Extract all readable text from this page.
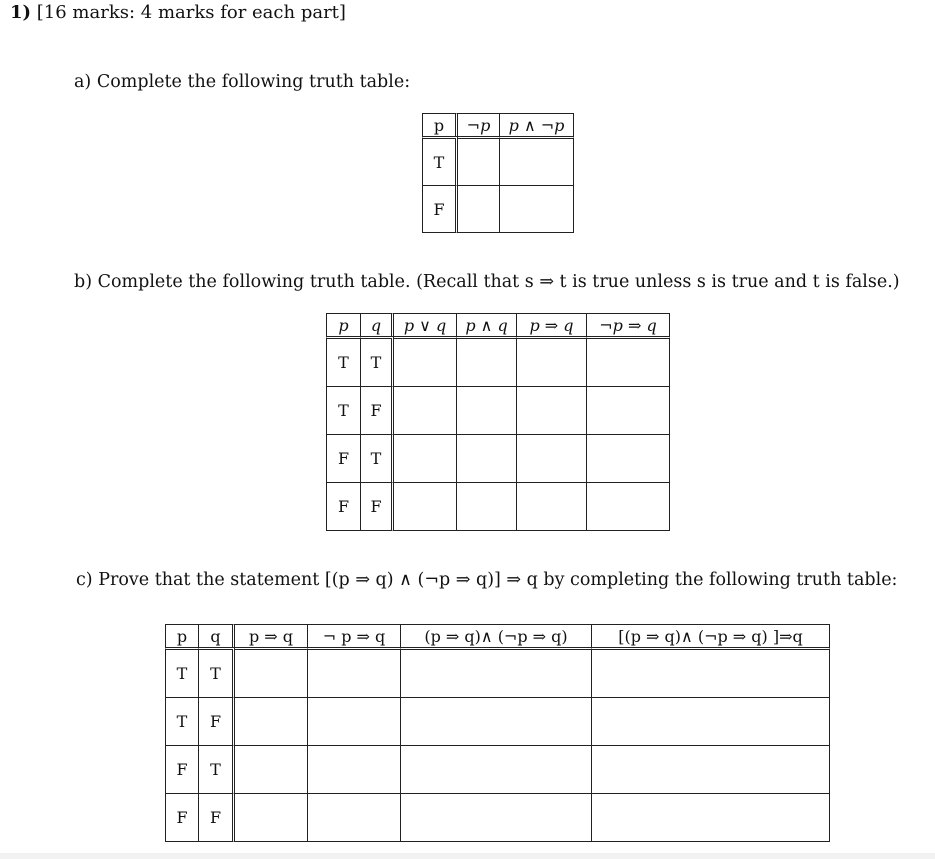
1) [16 marks: 4 marks for each part]
a) Complete the following truth table:
p	¬p	p ∧ ¬p
T		
F		
b) Complete the following truth table. (Recall that s ⇒ t is true unless s is true and t is false.)
p	q	p ∨ q	p ∧ q	p ⇒ q	¬p ⇒ q
T	T				
T	F				
F	T				
F	F				
c) Prove that the statement [(p ⇒ q) ∧ (¬p ⇒ q)] ⇒ q by completing the following truth table:
p	q	p ⇒ q	¬ p ⇒ q	(p ⇒ q)∧ (¬p ⇒ q)	[(p ⇒ q)∧ (¬p ⇒ q) ]⇒q
T	T				
T	F				
F	T				
F	F				
